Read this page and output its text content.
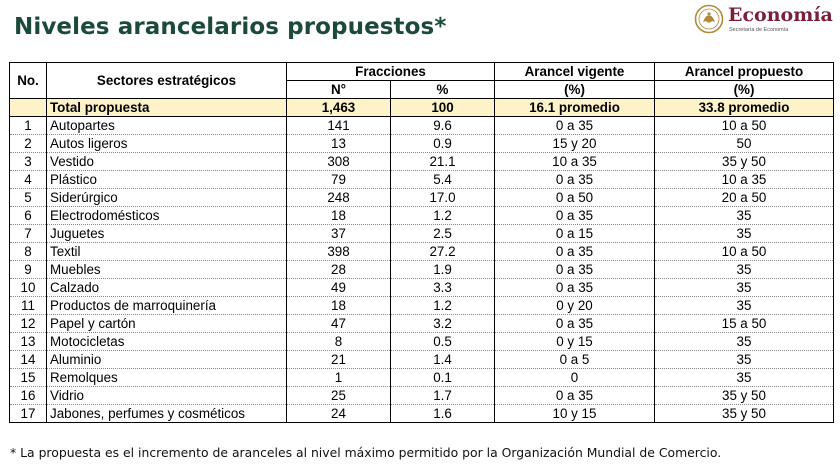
Niveles arancelarios propuestos*	Economía
Secretaría de Economía
No.	Sectores estratégicos	Fracciones		Arancel vigente	Arancel propuesto
		N°	%	(%)	(%)
	Total propuesta	1,463	100	16.1 promedio	33.8 promedio
1	Autopartes	141	9.6	0 a 35	10 a 50
2	Autos ligeros	13	0.9	15 y 20	50
3	Vestido	308	21.1	10 a 35	35 y 50
4	Plástico	79	5.4	0 a 35	10 a 35
5	Siderúrgico	248	17.0	0 a 50	20 a 50
6	Electrodomésticos	18	1.2	0 a 35	35
7	Juguetes	37	2.5	0 a 15	35
8	Textil	398	27.2	0 a 35	10 a 50
9	Muebles	28	1.9	0 a 35	35
10	Calzado	49	3.3	0 a 35	35
11	Productos de marroquinería	18	1.2	0 y 20	35
12	Papel y cartón	47	3.2	0 a 35	15 a 50
13	Motocicletas	8	0.5	0 y 15	35
14	Aluminio	21	1.4	0 a 5	35
15	Remolques	1	0.1	0	35
16	Vidrio	25	1.7	0 a 35	35 y 50
17	Jabones, perfumes y cosméticos	24	1.6	10 y 15	35 y 50
* La propuesta es el incremento de aranceles al nivel máximo permitido por la Organización Mundial de Comercio.
